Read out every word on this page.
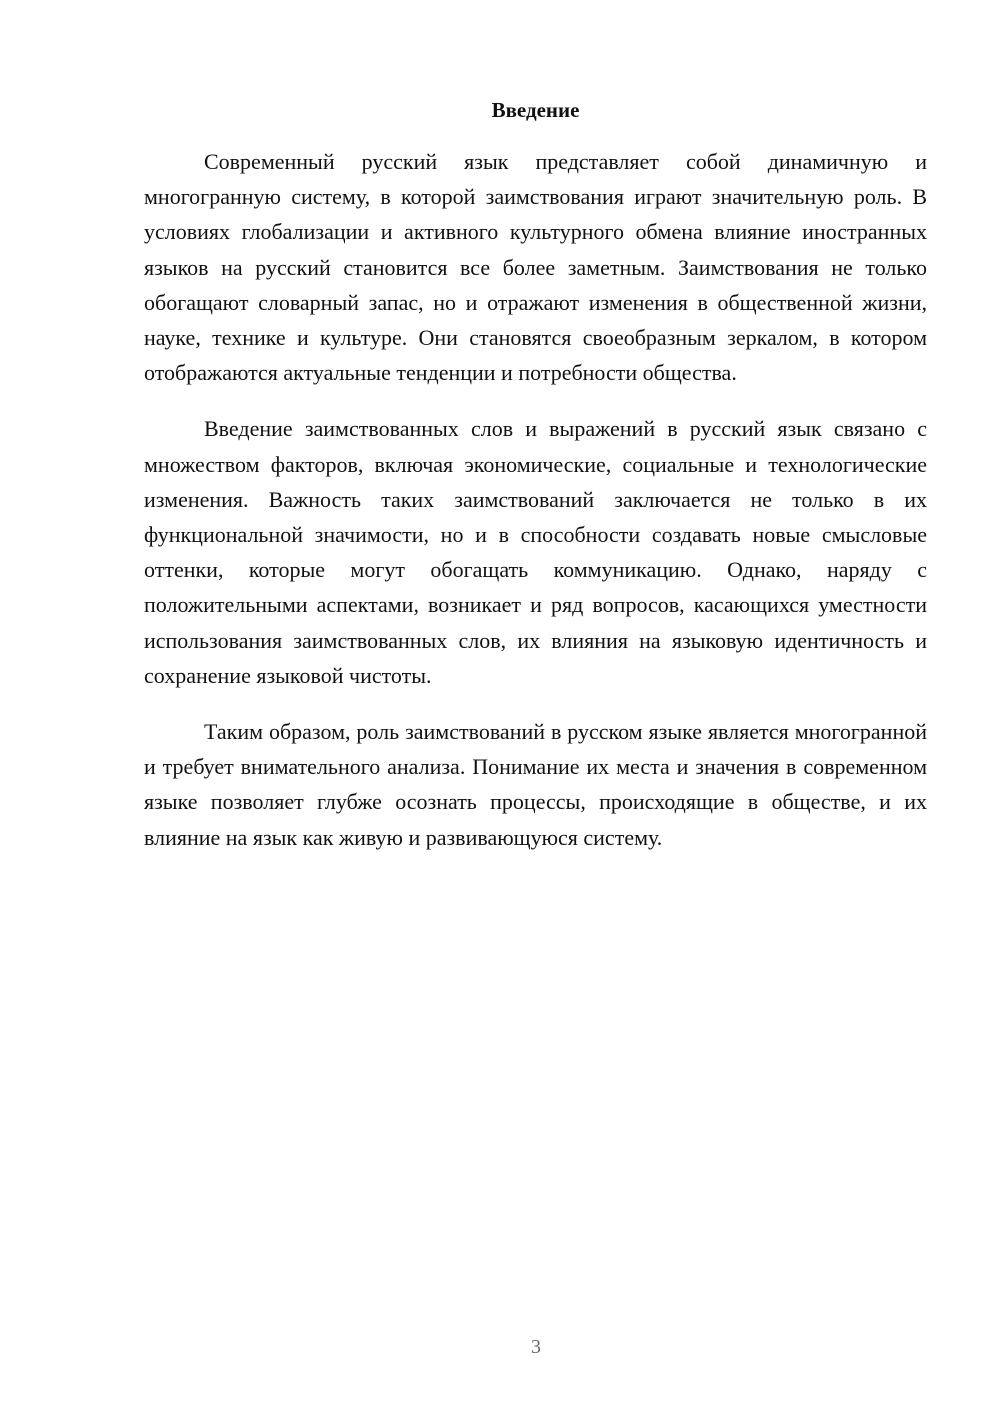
Введение

Современный русский язык представляет собой динамичную и многогранную систему, в которой заимствования играют значительную роль. В условиях глобализации и активного культурного обмена влияние иностранных языков на русский становится все более заметным. Заимствования не только обогащают словарный запас, но и отражают изменения в общественной жизни, науке, технике и культуре. Они становятся своеобразным зеркалом, в котором отображаются актуальные тенденции и потребности общества.

Введение заимствованных слов и выражений в русский язык связано с множеством факторов, включая экономические, социальные и технологические изменения. Важность таких заимствований заключается не только в их функциональной значимости, но и в способности создавать новые смысловые оттенки, которые могут обогащать коммуникацию. Однако, наряду с положительными аспектами, возникает и ряд вопросов, касающихся уместности использования заимствованных слов, их влияния на языковую идентичность и сохранение языковой чистоты.

Таким образом, роль заимствований в русском языке является многогранной и требует внимательного анализа. Понимание их места и значения в современном языке позволяет глубже осознать процессы, происходящие в обществе, и их влияние на язык как живую и развивающуюся систему.

3
